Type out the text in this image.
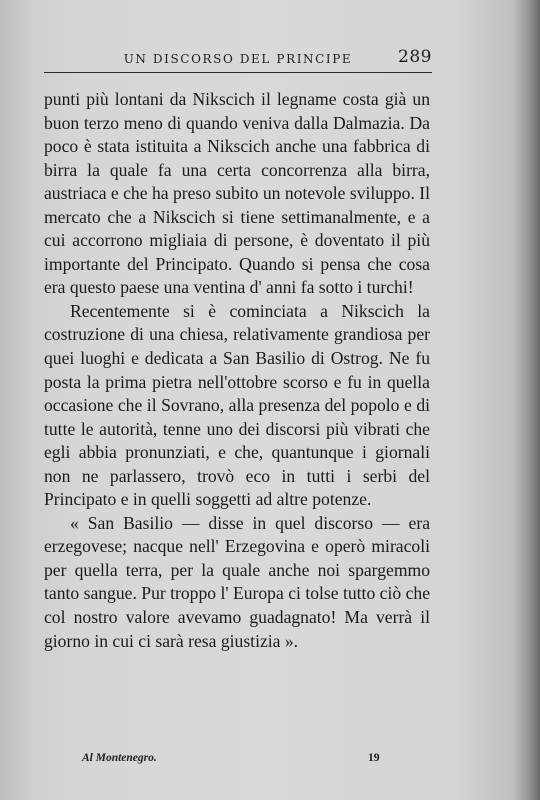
UN DISCORSO DEL PRINCIPE	289

punti più lontani da Nikscich il legname costa già un buon terzo meno di quando veniva dalla Dalmazia. Da poco è stata istituita a Nikscich anche una fabbrica di birra la quale fa una certa concorrenza alla birra, austriaca e che ha preso subito un notevole sviluppo. Il mercato che a Nikscich si tiene settimanalmente, e a cui accorrono migliaia di persone, è doventato il più importante del Principato. Quando si pensa che cosa era questo paese una ventina d' anni fa sotto i turchi!

Recentemente si è cominciata a Nikscich la costruzione di una chiesa, relativamente grandiosa per quei luoghi e dedicata a San Basilio di Ostrog. Ne fu posta la prima pietra nell'ottobre scorso e fu in quella occasione che il Sovrano, alla presenza del popolo e di tutte le autorità, tenne uno dei discorsi più vibrati che egli abbia pronunziati, e che, quantunque i giornali non ne parlassero, trovò eco in tutti i serbi del Principato e in quelli soggetti ad altre potenze.

« San Basilio — disse in quel discorso — era erzegovese; nacque nell' Erzegovina e operò miracoli per quella terra, per la quale anche noi spargemmo tanto sangue. Pur troppo l' Europa ci tolse tutto ciò che col nostro valore avevamo guadagnato! Ma verrà il giorno in cui ci sarà resa giustizia ».

Al Montenegro.	19
